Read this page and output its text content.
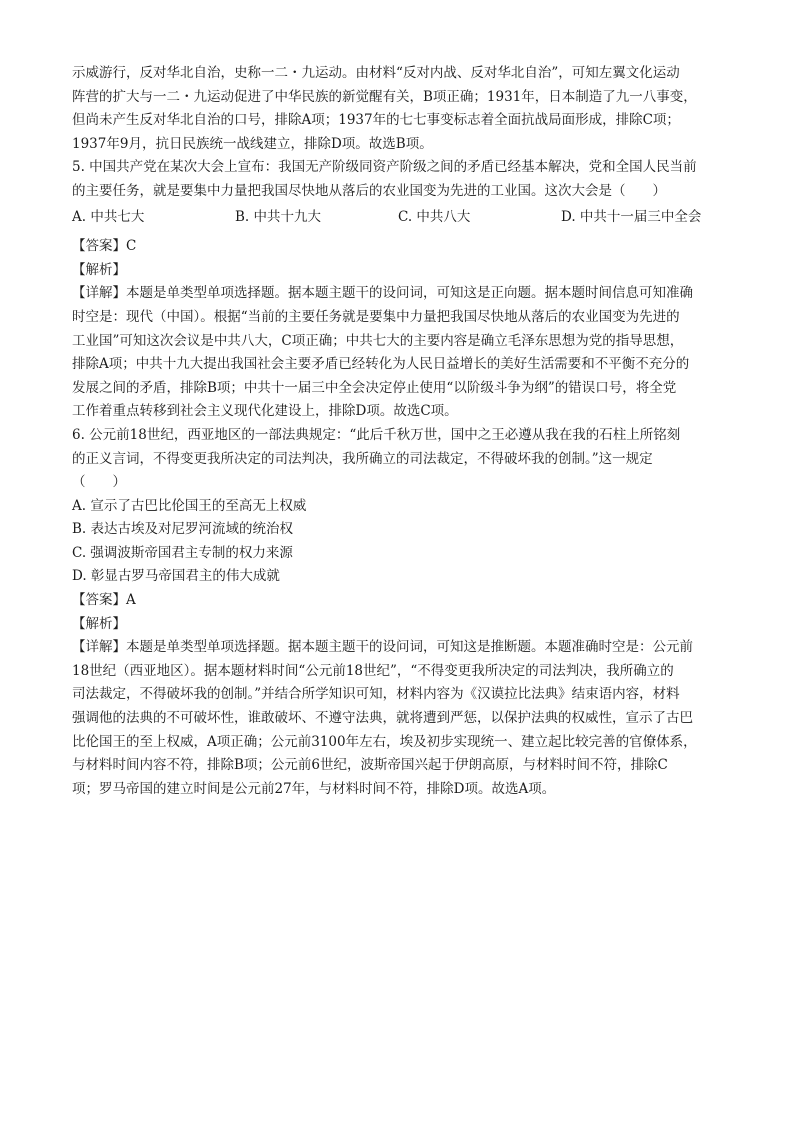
示威游行，反对华北自治，史称一二・九运动。由材料“反对内战、反对华北自治”，可知左翼文化运动

阵营的扩大与一二・九运动促进了中华民族的新觉醒有关，B项正确；1931年，日本制造了九一八事变，

但尚未产生反对华北自治的口号，排除A项；1937年的七七事变标志着全面抗战局面形成，排除C项；

1937年9月，抗日民族统一战线建立，排除D项。故选B项。

5. 中国共产党在某次大会上宣布：我国无产阶级同资产阶级之间的矛盾已经基本解决，党和全国人民当前

的主要任务，就是要集中力量把我国尽快地从落后的农业国变为先进的工业国。这次大会是（　　）

A. 中共七大	B. 中共十九大	C. 中共八大	D. 中共十一届三中全会

【答案】C

【解析】

【详解】本题是单类型单项选择题。据本题主题干的设问词，可知这是正向题。据本题时间信息可知准确

时空是：现代（中国）。根据“当前的主要任务就是要集中力量把我国尽快地从落后的农业国变为先进的

工业国”可知这次会议是中共八大，C项正确；中共七大的主要内容是确立毛泽东思想为党的指导思想，

排除A项；中共十九大提出我国社会主要矛盾已经转化为人民日益增长的美好生活需要和不平衡不充分的

发展之间的矛盾，排除B项；中共十一届三中全会决定停止使用“以阶级斗争为纲”的错误口号，将全党

工作着重点转移到社会主义现代化建设上，排除D项。故选C项。

6. 公元前18世纪，西亚地区的一部法典规定：“此后千秋万世，国中之王必遵从我在我的石柱上所铭刻

的正义言词，不得变更我所决定的司法判决，我所确立的司法裁定，不得破坏我的创制。”这一规定

（　　）

A. 宣示了古巴比伦国王的至高无上权威

B. 表达古埃及对尼罗河流域的统治权

C. 强调波斯帝国君主专制的权力来源

D. 彰显古罗马帝国君主的伟大成就

【答案】A

【解析】

【详解】本题是单类型单项选择题。据本题主题干的设问词，可知这是推断题。本题准确时空是：公元前

18世纪（西亚地区）。据本题材料时间“公元前18世纪”，“不得变更我所决定的司法判决，我所确立的

司法裁定，不得破坏我的创制。”并结合所学知识可知，材料内容为《汉谟拉比法典》结束语内容，材料

强调他的法典的不可破坏性，谁敢破坏、不遵守法典，就将遭到严惩，以保护法典的权威性，宣示了古巴

比伦国王的至上权威，A项正确；公元前3100年左右，埃及初步实现统一、建立起比较完善的官僚体系，

与材料时间内容不符，排除B项；公元前6世纪，波斯帝国兴起于伊朗高原，与材料时间不符，排除C

项；罗马帝国的建立时间是公元前27年，与材料时间不符，排除D项。故选A项。
